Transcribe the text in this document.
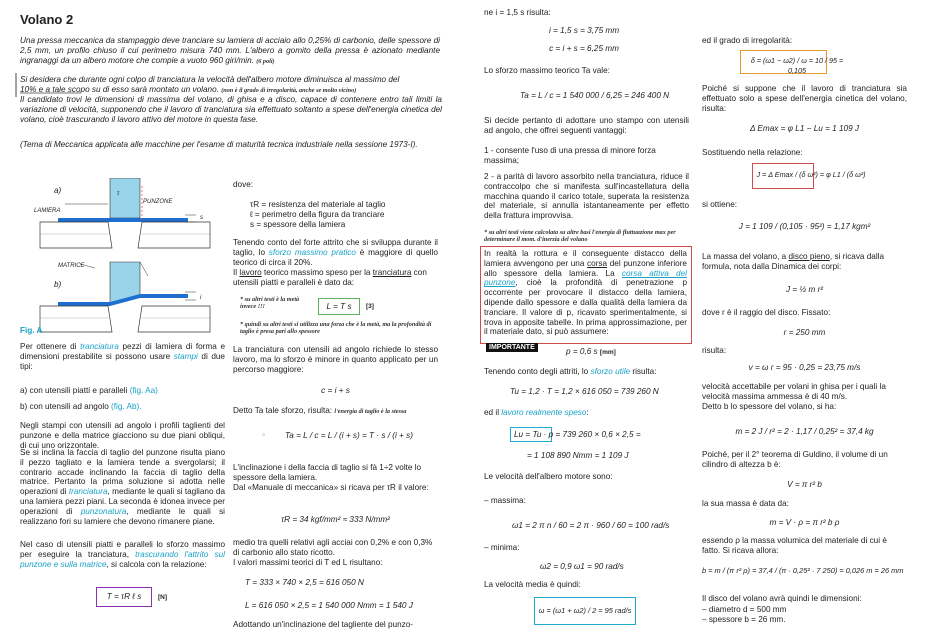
Volano 2

Una pressa meccanica da stampaggio deve tranciare su lamiera di acciaio allo 0,25% di carbonio, delle spessore di 2,5 mm, un profilo chiuso il cui perimetro misura 740 mm. L'albero a gomito della pressa è azionato mediante ingranaggi da un albero motore che compie a vuoto 960 giri/min. (6 poli)

Si desidera che durante ogni colpo di tranciatura la velocità dell'albero motore diminuisca al massimo del
10% e a tale scopo su di esso sarà montato un volano. (non è il grado di irregolarità, anche se molto vicino)

Il candidato trovi le dimensioni di massima del volano, di ghisa e a disco, capace di contenere entro tali limiti la variazione di velocità, supponendo che il lavoro di tranciatura sia effettuato soltanto a spese dell'energia cinetica del volano, cioè trascurando il lavoro attivo del motore in questa fase.

(Tema di Meccanica applicata alle macchine per l'esame di maturità tecnica industriale nella sessione 1973-I).

a)
b)
PUNZONE
LAMIERA
MATRICE
τ
s
i
Fig. A

Per ottenere di tranciatura pezzi di lamiera di forma e dimensioni prestabilite si possono usare stampi di due tipi:

a) con utensili piatti e paralleli (fig. Aa)

b) con utensili ad angolo (fig. Ab).

Negli stampi con utensili ad angolo i profili taglienti del punzone e della matrice giacciono su due piani obliqui, di cui uno orizzontale.

Se si inclina la faccia di taglio del punzone risulta piano il pezzo tagliato e la lamiera tende a svergolarsi; il contrario accade inclinando la faccia di taglio della matrice. Pertanto la prima soluzione si adotta nelle operazioni di tranciatura, mediante le quali si tagliano da una lamiera pezzi piani. La seconda è idonea invece per operazioni di punzonatura, mediante le quali si realizzano fori su lamiere che devono rimanere piane.

Nel caso di utensili piatti e paralleli lo sforzo massimo per eseguire la tranciatura, trascurando l'attrito sul punzone e sulla matrice, si calcola con la relazione:

T = τR ℓ s	[N]

dove:

τR = resistenza del materiale al taglio

ℓ = perimetro della figura da tranciare

s = spessore della lamiera

Tenendo conto del forte attrito che si sviluppa durante il taglio, lo sforzo massimo pratico è maggiore di quello teorico di circa il 20%.

Il lavoro teorico massimo speso per la tranciatura con utensili piatti e paralleli è dato da:

* su altri testi è la metà invece !!!	L = T s	[3]

* quindi su altri testi si utilizza una forza che è la metà, ma la profondità di taglio è presa pari allo spessore

La tranciatura con utensili ad angolo richiede lo stesso lavoro, ma lo sforzo è minore in quanto applicato per un percorso maggiore:

c = i + s

Detto Ta tale sforzo, risulta: l'energia di taglio è la stessa

▫ Ta = L / c = L / (i + s) = T · s / (i + s)

L'inclinazione i della faccia di taglio si fà 1÷2 volte lo spessore della lamiera.

Dal «Manuale di meccanica» si ricava per τR il valore:

τR = 34 kgf/mm² ≈ 333 N/mm²

medio tra quelli relativi agli acciai con 0,2% e con 0,3% di carbonio allo stato ricotto.

I valori massimi teorici di T ed L risultano:

T = 333 × 740 × 2,5 = 616 050 N

L = 616 050 × 2,5 = 1 540 000 Nmm = 1 540 J

Adottando un'inclinazione del tagliente del punzo-

ne i = 1,5 s risulta:

i = 1,5 s = 3,75 mm

c = i + s = 6,25 mm

Lo sforzo massimo teorico Ta vale:

Ta = L / c = 1 540 000 / 6,25 = 246 400 N

Si decide pertanto di adottare uno stampo con utensili ad angolo, che offrei seguenti vantaggi:

1 - consente l'uso di una pressa di minore forza massima;

2 - a parità di lavoro assorbito nella tranciatura, riduce il contraccolpo che si manifesta sull'incastellatura della macchina quando il carico totale, superata la resistenza del materiale, si annulla istantaneamente per effetto della frattura improvvisa.

* su altri testi viene calcolata su altre basi l'energia di fluttuazione max per determinare il mom. d'inerzia del volano

In realtà la rottura e il conseguente distacco della lamiera avvengono per una corsa del punzone inferiore allo spessore della lamiera. La corsa attiva del punzone, cioè la profondità di penetrazione p occorrente per provocare il distacco della lamiera, dipende dallo spessore e dalla qualità della lamiera da tranciare. Il valore di p, ricavato sperimentalmente, si trova in apposite tabelle. In prima approssimazione, per il materiale dato, si può assumere:

IMPORTANTE	p = 0,6 s [mm]

Tenendo conto degli attriti, lo sforzo utile risulta:

Tu = 1,2 · T = 1,2 × 616 050 = 739 260 N

ed il lavoro realmente speso:

Lu = Tu · p = 739 260 × 0,6 × 2,5 =

= 1 108 890 Nmm = 1 109 J

Le velocità dell'albero motore sono:

– massima:

ω1 = 2 π n / 60 = 2 π · 960 / 60 = 100 rad/s

– minima:

ω2 = 0,9 ω1 = 90 rad/s

La velocità media è quindi:

ω = (ω1 + ω2) / 2 = 95 rad/s

ed il grado di irregolarità:

δ = (ω1 − ω2) / ω = 10 / 95 = 0,105

Poiché si suppone che il lavoro di tranciatura sia effettuato solo a spese dell'energia cinetica del volano, risulta:

Δ Emax = φ L1 − Lu = 1 109 J

Sostituendo nella relazione:

J = Δ Emax / (δ ω²) = φ L1 / (δ ω²)

si ottiene:

J = 1 109 / (0,105 · 95²) = 1,17 kgm²

La massa del volano, a disco pieno, si ricava dalla formula, nota dalla Dinamica dei corpi:

J = ½ m r²

dove r è il raggio del disco. Fissato:

r = 250 mm

risulta:

v = ω r = 95 · 0,25 = 23,75 m/s

velocità accettabile per volani in ghisa per i quali la velocità massima ammessa è di 40 m/s.

Detto b lo spessore del volano, si ha:

m = 2 J / r² = 2 · 1,17 / 0,25² = 37,4 kg

Poiché, per il 2° teorema di Guldino, il volume di un cilindro di altezza b è:

V = π r² b

la sua massa è data da:

m = V · ρ = π r² b ρ

essendo ρ la massa volumica del materiale di cui è fatto. Si ricava allora:

b = m / (π r² ρ) = 37,4 / (π · 0,25² · 7 250) = 0,026 m = 26 mm

Il disco del volano avrà quindi le dimensioni:

– diametro d = 500 mm

– spessore b = 26 mm.
